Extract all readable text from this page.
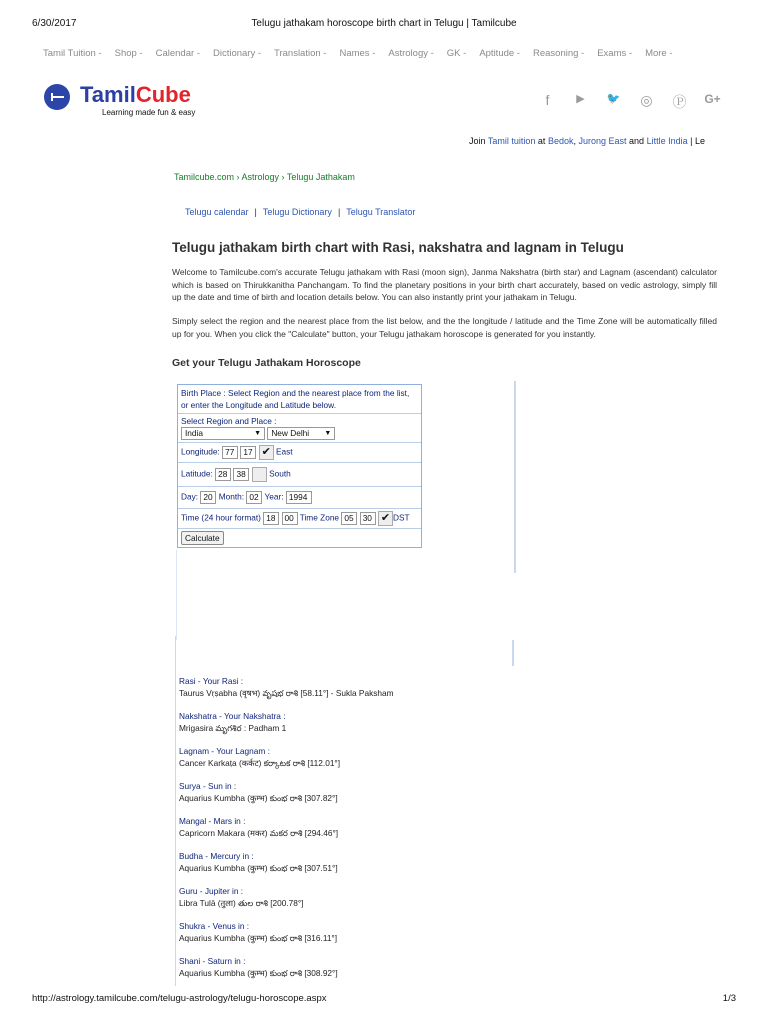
6/30/2017	Telugu jathakam horoscope birth chart in Telugu | Tamilcube
Tamil Tuition - Shop - Calendar - Dictionary - Translation - Names - Astrology - GK - Aptitude - Reasoning - Exams - More -
TamilCube
Learning made fun & easy
f	▶	🐦 ◎ Ⓟ G+
Join Tamil tuition at Bedok, Jurong East and Little India | Le
Tamilcube.com › Astrology › Telugu Jathakam
Telugu calendar | Telugu Dictionary | Telugu Translator
Telugu jathakam birth chart with Rasi, nakshatra and lagnam in Telugu
Welcome to Tamilcube.com's accurate Telugu jathakam with Rasi (moon sign), Janma Nakshatra (birth star) and Lagnam (ascendant) calculator which is based on Thirukkanitha Panchangam. To find the planetary positions in your birth chart accurately, based on vedic astrology, simply fill up the date and time of birth and location details below. You can also instantly print your jathakam in Telugu.
Simply select the region and the nearest place from the list below, and the the longitude / latitude and the Time Zone will be automatically filled up for you. When you click the "Calculate" button, your Telugu jathakam horoscope is generated for you instantly.
Get your Telugu Jathakam Horoscope
Birth Place : Select Region and the nearest place from the list, or enter the Longitude and Latitude below.
Select Region and Place :
India	▼ New Delhi ▼
Longitude: 77 17 ✔ East
Latitude: 28 38	South
Day: 20 Month: 02 Year: 1994
Time (24 hour format) 18 00 Time Zone 05 30 ✔ DST
Calculate
Rasi - Your Rasi :
Taurus Vṛṣabha (वृषभ) వృషభ రాశి [58.11°] - Sukla Paksham
Nakshatra - Your Nakshatra :
Mrigasira మృగశిర : Padham 1
Lagnam - Your Lagnam :
Cancer Karkaṭa (कर्कट) కర్కాటక రాశి [112.01°]
Surya - Sun in :
Aquarius Kumbha (कुम्भ) కుంభ రాశి [307.82°]
Mangal - Mars in :
Capricorn Makara (मकर) మకర రాశి [294.46°]
Budha - Mercury in :
Aquarius Kumbha (कुम्भ) కుంభ రాశి [307.51°]
Guru - Jupiter in :
Libra Tulā (तुला) తుల రాశి [200.78°]
Shukra - Venus in :
Aquarius Kumbha (कुम्भ) కుంభ రాశి [316.11°]
Shani - Saturn in :
Aquarius Kumbha (कुम्भ) కుంభ రాశి [308.92°]
http://astrology.tamilcube.com/telugu-astrology/telugu-horoscope.aspx	1/3
